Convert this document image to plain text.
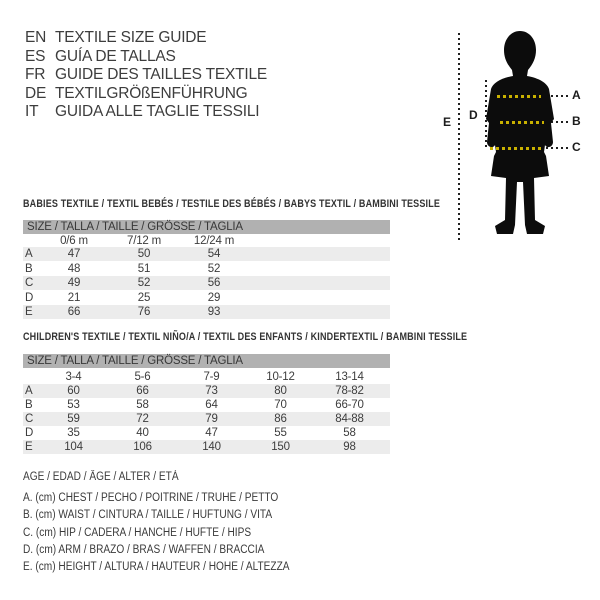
EN TEXTILE SIZE GUIDE
ES GUÍA DE TALLAS
FR GUIDE DES TAILLES TEXTILE
DE TEXTILGRÖßENFÜHRUNG
IT	GUIDA ALLE TAGLIE TESSILI
E D
A
B
C
BABIES TEXTILE / TEXTIL BEBÉS / TESTILE DES BÉBÉS / BABYS TEXTIL / BAMBINI TESSILE
SIZE / TALLA / TAILLE / GRÖSSE / TAGLIA
0/6 m	7/12 m	12/24 m
A	47	50	54
B	48	51	52
C	49	52	56
D	21	25	29
E	66	76	93
CHILDREN'S TEXTILE / TEXTIL NIÑO/A / TEXTIL DES ENFANTS / KINDERTEXTIL / BAMBINI TESSILE
SIZE / TALLA / TAILLE / GRÖSSE / TAGLIA
3-4	5-6	7-9	10-12	13-14
A	60	66	73	80	78-82
B	53	58	64	70	66-70
C	59	72	79	86	84-88
D	35	40	47	55	58
E	104	106	140	150	98
AGE / EDAD / ÂGE / ALTER / ETÀ
A. (cm) CHEST / PECHO / POITRINE / TRUHE / PETTO
B. (cm) WAIST / CINTURA / TAILLE / HÜFTUNG / VITA
C. (cm) HIP / CADERA / HANCHE / HÜFTE / HIPS
D. (cm) ARM / BRAZO / BRAS / WAFFEN / BRACCIA
E. (cm) HEIGHT / ALTURA / HAUTEUR / HÖHE / ALTEZZA
